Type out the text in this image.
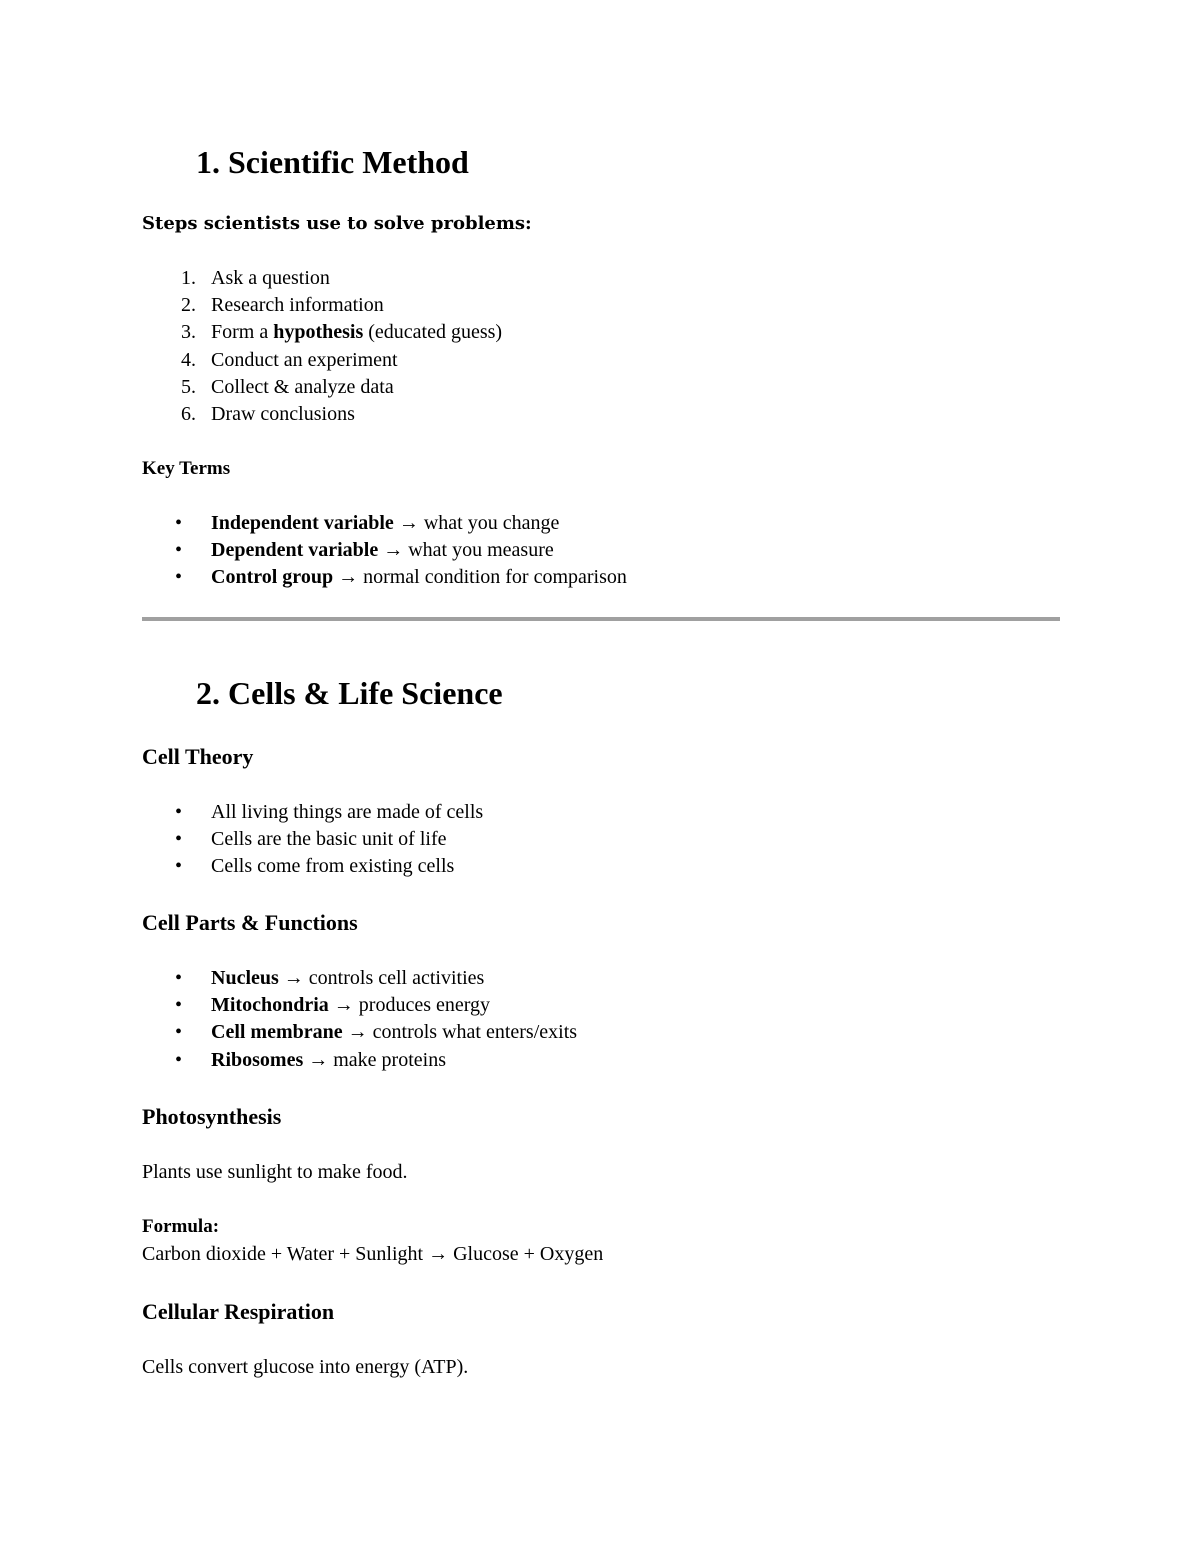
1. Scientific Method

Steps scientists use to solve problems:

1. Ask a question
2. Research information
3. Form a hypothesis (educated guess)
4. Conduct an experiment
5. Collect & analyze data
6. Draw conclusions

Key Terms

• Independent variable → what you change
• Dependent variable → what you measure
• Control group → normal condition for comparison
2. Cells & Life Science
Cell Theory
• All living things are made of cells
• Cells are the basic unit of life
• Cells come from existing cells
Cell Parts & Functions
• Nucleus → controls cell activities
• Mitochondria → produces energy
• Cell membrane → controls what enters/exits
• Ribosomes → make proteins
Photosynthesis

Plants use sunlight to make food.

Formula:

Carbon dioxide + Water + Sunlight → Glucose + Oxygen

Cellular Respiration

Cells convert glucose into energy (ATP).
